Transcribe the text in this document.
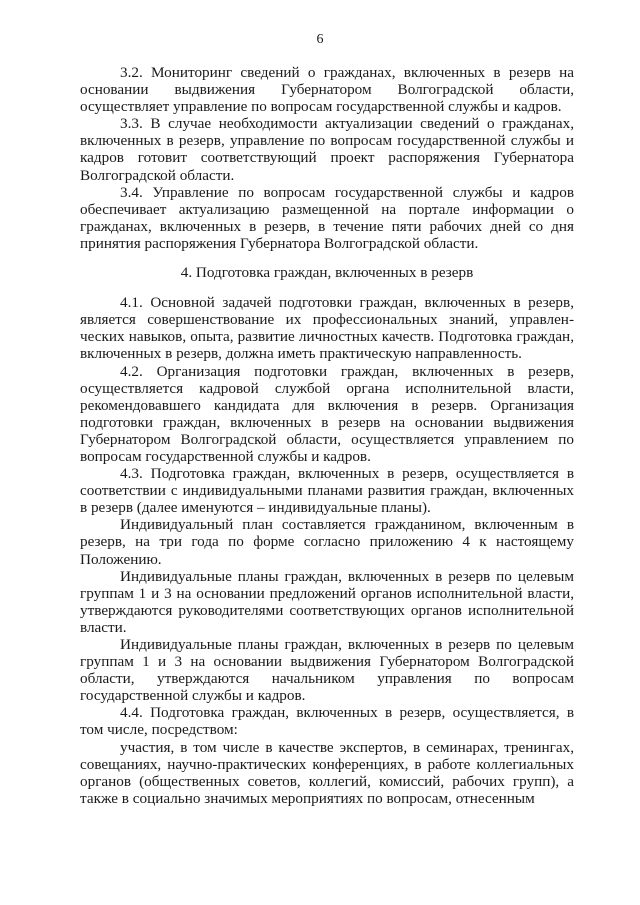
6

3.2. Мониторинг сведений о гражданах, включенных в резерв на основании выдвижения Губернатором Волгоградской области, осуществляет управление по вопросам государственной службы и кадров.

3.3. В случае необходимости актуализации сведений о гражданах, включенных в резерв, управление по вопросам государственной службы и кадров готовит соответствующий проект распоряжения Губернатора Волгоградской области.

3.4. Управление по вопросам государственной службы и кадров обеспечивает актуализацию размещенной на портале информации о гражданах, включенных в резерв, в течение пяти рабочих дней со дня принятия распоряжения Губернатора Волгоградской области.

4. Подготовка граждан, включенных в резерв

4.1. Основной задачей подготовки граждан, включенных в резерв, является совершенствование их профессиональных знаний, управленческих навыков, опыта, развитие личностных качеств. Подготовка граждан, включенных в резерв, должна иметь практическую направленность.

4.2. Организация подготовки граждан, включенных в резерв, осуществляется кадровой службой органа исполнительной власти, рекомендовавшего кандидата для включения в резерв. Организация подготовки граждан, включенных в резерв на основании выдвижения Губернатором Волгоградской области, осуществляется управлением по вопросам государственной службы и кадров.

4.3. Подготовка граждан, включенных в резерв, осуществляется в соответствии с индивидуальными планами развития граждан, включенных в резерв (далее именуются – индивидуальные планы).

Индивидуальный план составляется гражданином, включенным в резерв, на три года по форме согласно приложению 4 к настоящему Положению.

Индивидуальные планы граждан, включенных в резерв по целевым группам 1 и 3 на основании предложений органов исполнительной власти, утверждаются руководителями соответствующих органов исполнительной власти.

Индивидуальные планы граждан, включенных в резерв по целевым группам 1 и 3 на основании выдвижения Губернатором Волгоградской области, утверждаются начальником управления по вопросам государственной службы и кадров.

4.4. Подготовка граждан, включенных в резерв, осуществляется, в том числе, посредством:

участия, в том числе в качестве экспертов, в семинарах, тренингах, совещаниях, научно-практических конференциях, в работе коллегиальных органов (общественных советов, коллегий, комиссий, рабочих групп), а также в социально значимых мероприятиях по вопросам, отнесенным
